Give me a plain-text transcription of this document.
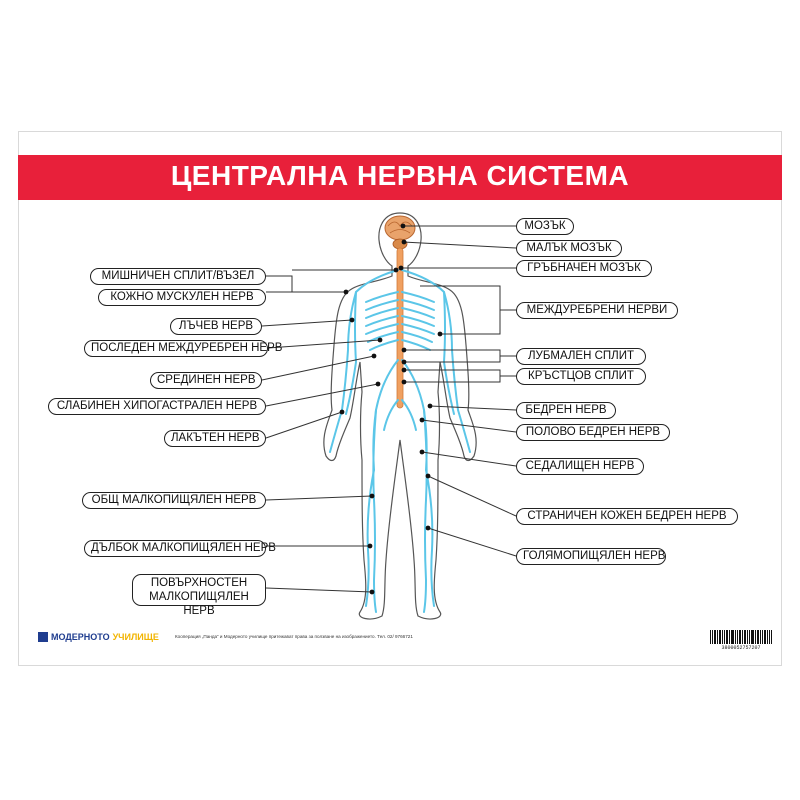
ЦЕНТРАЛНА НЕРВНА СИСТЕМА
МОЗЪК
МАЛЪК МОЗЪК
ГРЪБНАЧЕН МОЗЪК
МЕЖДУРЕБРЕНИ НЕРВИ
ЛУБМАЛЕН СПЛИТ
КРЪСТЦОВ СПЛИТ
БЕДРЕН НЕРВ
ПОЛОВО БЕДРЕН НЕРВ
СЕДАЛИЩЕН НЕРВ
СТРАНИЧЕН КОЖЕН БЕДРЕН НЕРВ
ГОЛЯМОПИЩЯЛЕН НЕРВ
МИШНИЧЕН СПЛИТ/ВЪЗЕЛ
КОЖНО МУСКУЛЕН НЕРВ
ЛЪЧЕВ НЕРВ
ПОСЛЕДЕН МЕЖДУРЕБРЕН НЕРВ
СРЕДИНЕН НЕРВ
СЛАБИНЕН ХИПОГАСТРАЛЕН НЕРВ
ЛАКЪТЕН НЕРВ
ОБЩ МАЛКОПИЩЯЛЕН НЕРВ
ДЪЛБОК МАЛКОПИЩЯЛЕН НЕРВ
ПОВЪРХНОСТЕН МАЛКОПИЩЯЛЕН НЕРВ
МОДЕРНОТО УЧИЛИЩЕ	Кооперация „Панда“ и Модерното училище притежават права за ползване на изображението. Тел. 02/ 9766721
3800052757207
